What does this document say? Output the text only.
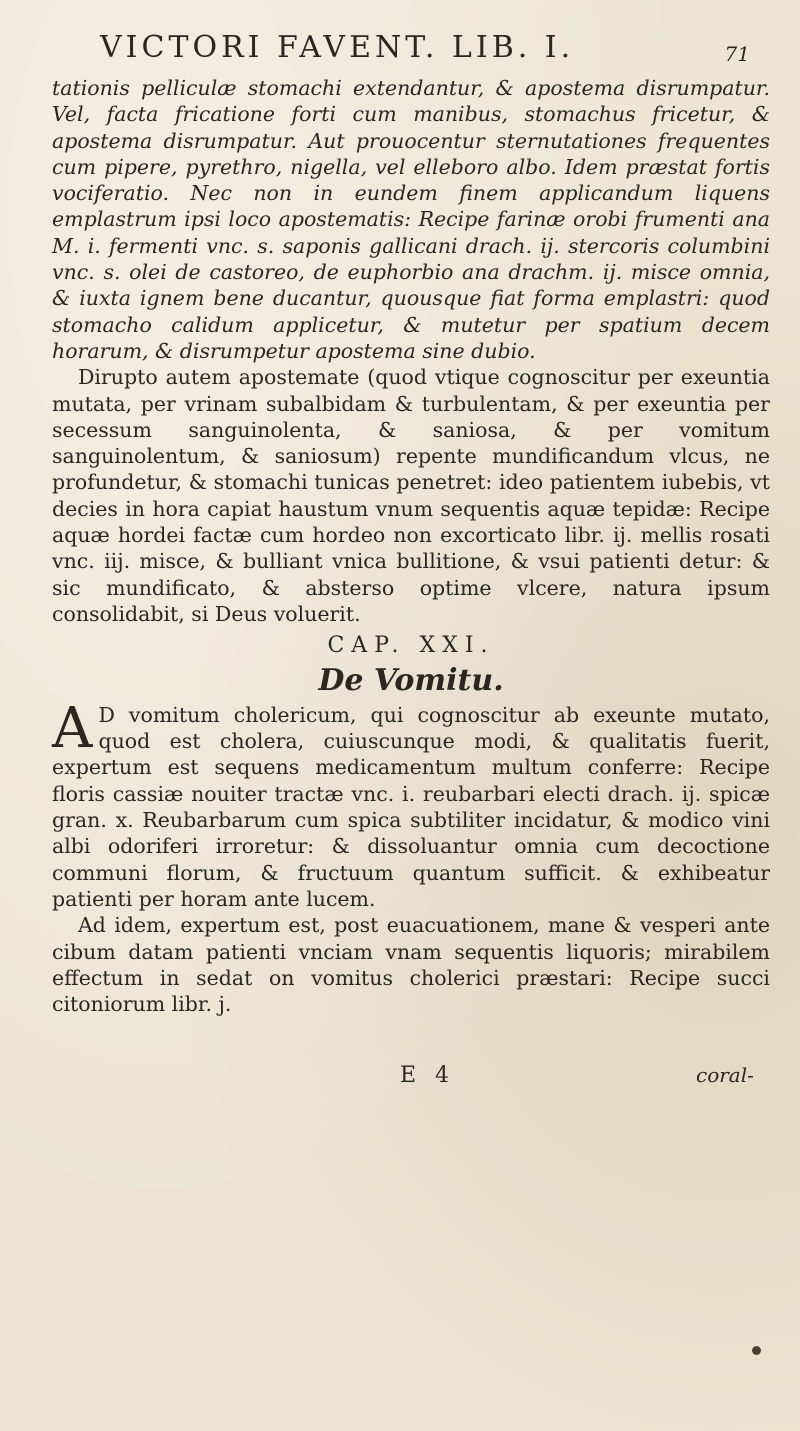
VICTORI FAVENT. LIB. I.	71

tationis pelliculæ stomachi extendantur, & apostema disrumpatur. Vel, facta fricatione forti cum manibus, stomachus fricetur, & apostema disrumpatur. Aut prouocentur sternutationes frequentes cum pipere, pyrethro, nigella, vel elleboro albo. Idem præstat fortis vociferatio. Nec non in eundem finem applicandum liquens emplastrum ipsi loco apostematis: Recipe farinæ orobi frumenti ana M. i. fermenti vnc. s. saponis gallicani drach. ij. stercoris columbini vnc. s. olei de castoreo, de euphorbio ana drachm. ij. misce omnia, & iuxta ignem bene ducantur, quousque fiat forma emplastri: quod stomacho calidum applicetur, & mutetur per spatium decem horarum, & disrumpetur apostema sine dubio.

Dirupto autem apostemate (quod vtique cognoscitur per exeuntia mutata, per vrinam subalbidam & turbulentam, & per exeuntia per secessum sanguinolenta, & saniosa, & per vomitum sanguinolentum, & saniosum) repente mundificandum vlcus, ne profundetur, & stomachi tunicas penetret: ideo patientem iubebis, vt decies in hora capiat haustum vnum sequentis aquæ tepidæ: Recipe aquæ hordei factæ cum hordeo non excorticato libr. ij. mellis rosati vnc. iij. misce, & bulliant vnica bullitione, & vsui patienti detur: & sic mundificato, & absterso optime vlcere, natura ipsum consolidabit, si Deus voluerit.

CAP. XXI.
De Vomitu.

A D vomitum cholericum, qui cognoscitur ab exeunte mutato, quod est cholera, cuiuscunque modi, & qualitatis fuerit, expertum est sequens medicamentum multum conferre: Recipe floris cassiæ nouiter tractæ vnc. i. reubarbari electi drach. ij. spicæ gran. x. Reubarbarum cum spica subtiliter incidatur, & modico vini albi odoriferi irroretur: & dissoluantur omnia cum decoctione communi florum, & fructuum quantum sufficit. & exhibeatur patienti per horam ante lucem.

Ad idem, expertum est, post euacuationem, mane & vesperi ante cibum datam patienti vnciam vnam sequentis liquoris; mirabilem effectum in sedat on vomitus cholerici præstari: Recipe succi citoniorum libr. j.

E 4	coral-
